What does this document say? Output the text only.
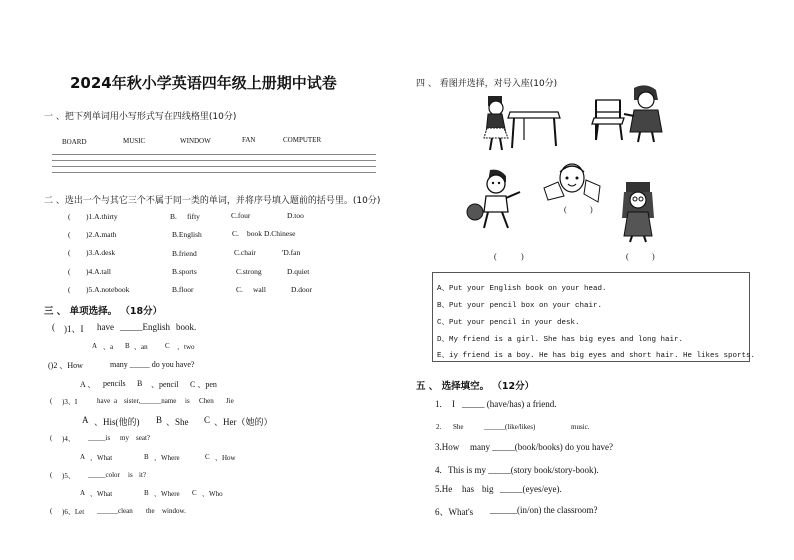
2024年秋小学英语四年级上册期中试卷
一 、把下列单词用小写形式写在四线格里(10分)
BOARD	MUSIC	WINDOW	FAN	COMPUTER
二 、选出一个与其它三个不属于同一类的单词，并将序号填入题前的括号里。(10分)
( )1.A.thirty	B. fifty	C.four	D.too
( )2.A.math	B.English	C. book D.Chinese
( )3.A.desk	B.friend	C.chair	'D.fan
( )4.A.tall	B.sports	C.strong	D.quiet
( )5.A.notebook	B.floor	C. wall	D.door
三 、 单项选择。 （18分）
( )1、I have _____English book.
A 、a B 、an C 、two
()2 、How	many _____ do you have?
A 、 pencils B 、pencil C 、pen
( )3、I	have a sister,______name is Chen Jie
A 、His(他的) B 、She C 、Her（她的）
( )4、 _____is my seat?
A 、What	B 、Where	C 、How
( )5、 _____color is it?
A 、What	B 、Where C 、Who
( )6、Let ______clean the window.
四 、 看图并选择，对号入座(10分)
(	)
(	)	(	)
A、Put your English book on your head.
B、Put your pencil box on your chair.
C、Put your pencil in your desk.
D、My friend is a girl. She has big eyes and long hair.
E、iy friend is a boy. He has big eyes and short hair. He likes sports.
五 、 选择填空。 （12分）
1. I _____ (have/has) a friend.
2. She	______(like/likes)	music.
3.How many _____(book/books) do you have?
4. This is my _____(story book/story-book).
5.He has big _____(eyes/eye).
6、What's ______(in/on) the classroom?
